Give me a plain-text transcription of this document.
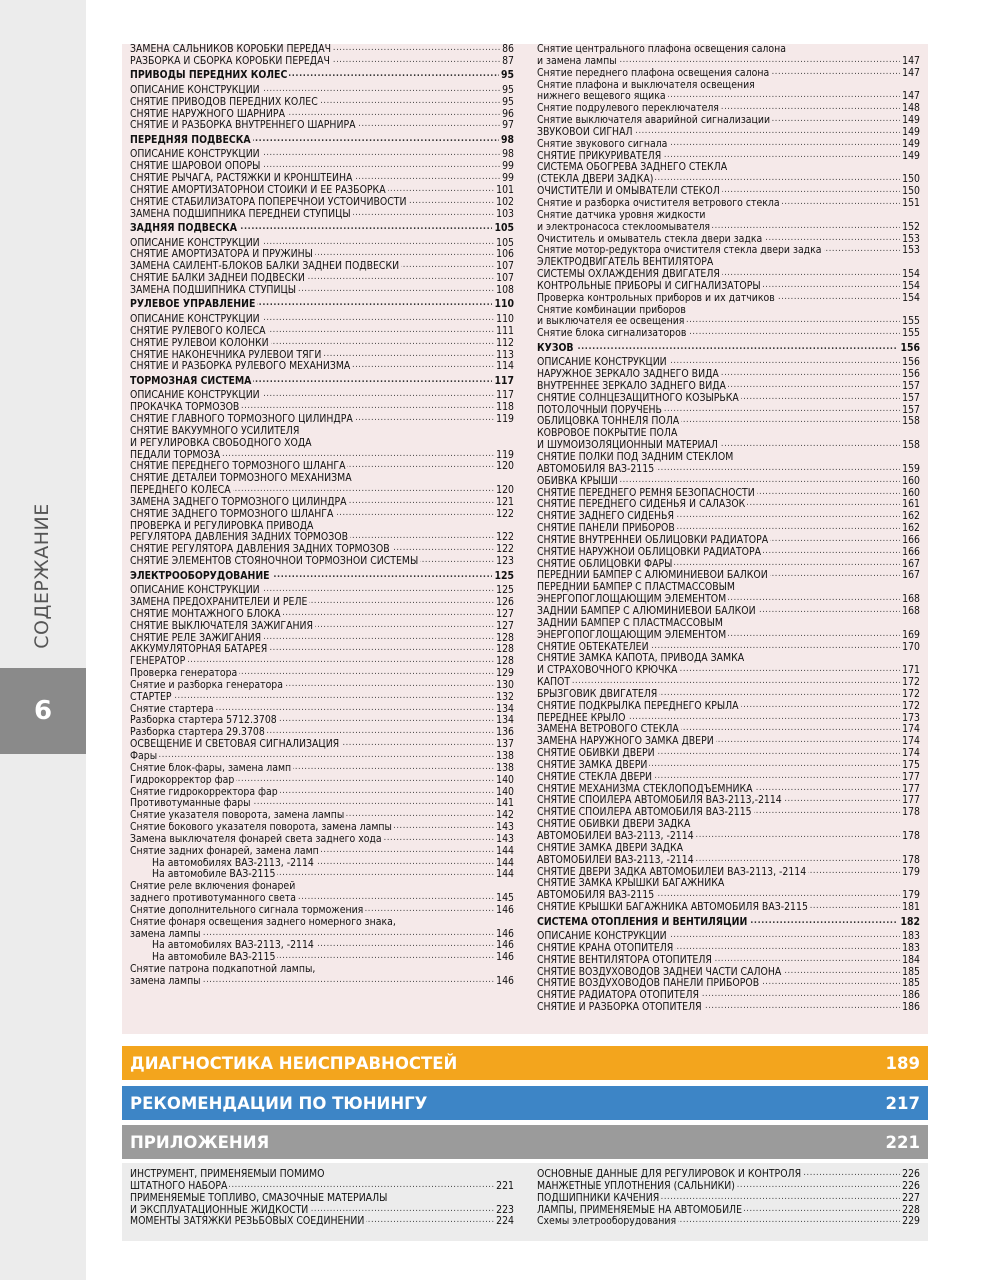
СОДЕРЖАНИЕ
6
.....
ЗАМЕНА САЛЬНИКОВ КОРОБКИ ПЕРЕДАЧ	86
.....
РАЗБОРКА И СБОРКА КОРОБКИ ПЕРЕДАЧ	87
.....
ПРИВОДЫ ПЕРЕДНИХ КОЛЕС	95
.....
ОПИСАНИЕ КОНСТРУКЦИИ	95
.....
СНЯТИЕ ПРИВОДОВ ПЕРЕДНИХ КОЛЕС	95
.....
СНЯТИЕ НАРУЖНОГО ШАРНИРА	96
.....
СНЯТИЕ И РАЗБОРКА ВНУТРЕННЕГО ШАРНИРА	97
.....
ПЕРЕДНЯЯ ПОДВЕСКА	98
.....
ОПИСАНИЕ КОНСТРУКЦИИ	98
.....
СНЯТИЕ ШАРОВОЙ ОПОРЫ	99
.....
СНЯТИЕ РЫЧАГА, РАСТЯЖКИ И КРОНШТЕЙНА	99
.....
СНЯТИЕ АМОРТИЗАТОРНОЙ СТОЙКИ И ЕЕ РАЗБОРКА	101
.....
СНЯТИЕ СТАБИЛИЗАТОРА ПОПЕРЕЧНОЙ УСТОЙЧИВОСТИ	102
.....
ЗАМЕНА ПОДШИПНИКА ПЕРЕДНЕЙ СТУПИЦЫ	103
.....
ЗАДНЯЯ ПОДВЕСКА	105
.....
ОПИСАНИЕ КОНСТРУКЦИИ	105
.....
СНЯТИЕ АМОРТИЗАТОРА И ПРУЖИНЫ	106
.....
ЗАМЕНА САЙЛЕНТ-БЛОКОВ БАЛКИ ЗАДНЕЙ ПОДВЕСКИ	107
.....
СНЯТИЕ БАЛКИ ЗАДНЕЙ ПОДВЕСКИ	107
.....
ЗАМЕНА ПОДШИПНИКА СТУПИЦЫ	108
.....
РУЛЕВОЕ УПРАВЛЕНИЕ	110
.....
ОПИСАНИЕ КОНСТРУКЦИИ	110
.....
СНЯТИЕ РУЛЕВОГО КОЛЕСА	111
.....
СНЯТИЕ РУЛЕВОЙ КОЛОНКИ	112
.....
СНЯТИЕ НАКОНЕЧНИКА РУЛЕВОЙ ТЯГИ	113
.....
СНЯТИЕ И РАЗБОРКА РУЛЕВОГО МЕХАНИЗМА	114
.....
ТОРМОЗНАЯ СИСТЕМА	117
.....
ОПИСАНИЕ КОНСТРУКЦИИ	117
.....
ПРОКАЧКА ТОРМОЗОВ	118
.....
СНЯТИЕ ГЛАВНОГО ТОРМОЗНОГО ЦИЛИНДРА	119
СНЯТИЕ ВАКУУМНОГО УСИЛИТЕЛЯ
И РЕГУЛИРОВКА СВОБОДНОГО ХОДА
.....
ПЕДАЛИ ТОРМОЗА	119
.....
СНЯТИЕ ПЕРЕДНЕГО ТОРМОЗНОГО ШЛАНГА	120
СНЯТИЕ ДЕТАЛЕЙ ТОРМОЗНОГО МЕХАНИЗМА
.....
ПЕРЕДНЕГО КОЛЕСА	120
.....
ЗАМЕНА ЗАДНЕГО ТОРМОЗНОГО ЦИЛИНДРА	121
.....
СНЯТИЕ ЗАДНЕГО ТОРМОЗНОГО ШЛАНГА	122
ПРОВЕРКА И РЕГУЛИРОВКА ПРИВОДА
.....
РЕГУЛЯТОРА ДАВЛЕНИЯ ЗАДНИХ ТОРМОЗОВ	122
.....
СНЯТИЕ РЕГУЛЯТОРА ДАВЛЕНИЯ ЗАДНИХ ТОРМОЗОВ	122
.....
СНЯТИЕ ЭЛЕМЕНТОВ СТОЯНОЧНОЙ ТОРМОЗНОЙ СИСТЕМЫ	123
.....
ЭЛЕКТРООБОРУДОВАНИЕ	125
.....
ОПИСАНИЕ КОНСТРУКЦИИ	125
.....
ЗАМЕНА ПРЕДОХРАНИТЕЛЕЙ И РЕЛЕ	126
.....
СНЯТИЕ МОНТАЖНОГО БЛОКА	127
.....
СНЯТИЕ ВЫКЛЮЧАТЕЛЯ ЗАЖИГАНИЯ	127
.....
СНЯТИЕ РЕЛЕ ЗАЖИГАНИЯ	128
.....
АККУМУЛЯТОРНАЯ БАТАРЕЯ	128
.....
ГЕНЕРАТОР	128
.....
Проверка генератора	129
.....
Снятие и разборка генератора	130
.....
СТАРТЕР	132
.....
Снятие стартера	134
.....
Разборка стартера 5712.3708	134
.....
Разборка стартера 29.3708	136
.....
ОСВЕЩЕНИЕ И СВЕТОВАЯ СИГНАЛИЗАЦИЯ	137
.....
Фары	138
.....
Снятие блок-фары, замена ламп	138
.....
Гидрокорректор фар	140
.....
Снятие гидрокорректора фар	140
.....
Противотуманные фары	141
.....
Снятие указателя поворота, замена лампы	142
.....
Снятие бокового указателя поворота, замена лампы	143
.....
Замена выключателя фонарей света заднего хода	143
.....
Снятие задних фонарей, замена ламп	144
.....
На автомобилях ВАЗ-2113, -2114	144
.....
На автомобиле ВАЗ-2115	144
Снятие реле включения фонарей
.....
заднего противотуманного света	145
.....
Снятие дополнительного сигнала торможения	146
Снятие фонаря освещения заднего номерного знака,
.....
замена лампы	146
.....
На автомобилях ВАЗ-2113, -2114	146
.....
На автомобиле ВАЗ-2115	146
Снятие патрона подкапотной лампы,
.....
замена лампы	146
Снятие центрального плафона освещения салона
.....
и замена лампы	147
.....
Снятие переднего плафона освещения салона	147
Снятие плафона и выключателя освещения
.....
нижнего вещевого ящика	147
.....
Снятие подрулевого переключателя	148
.....
Снятие выключателя аварийной сигнализации	149
.....
ЗВУКОВОЙ СИГНАЛ	149
.....
Снятие звукового сигнала	149
.....
СНЯТИЕ ПРИКУРИВАТЕЛЯ	149
СИСТЕМА ОБОГРЕВА ЗАДНЕГО СТЕКЛА
.....
(СТЕКЛА ДВЕРИ ЗАДКА)	150
.....
ОЧИСТИТЕЛИ И ОМЫВАТЕЛИ СТЕКОЛ	150
.....
Снятие и разборка очистителя ветрового стекла	151
Снятие датчика уровня жидкости
.....
и электронасоса стеклоомывателя	152
.....
Очиститель и омыватель стекла двери задка	153
.....
Снятие мотор-редуктора очистителя стекла двери задка	153
ЭЛЕКТРОДВИГАТЕЛЬ ВЕНТИЛЯТОРА
.....
СИСТЕМЫ ОХЛАЖДЕНИЯ ДВИГАТЕЛЯ	154
.....
КОНТРОЛЬНЫЕ ПРИБОРЫ И СИГНАЛИЗАТОРЫ	154
.....
Проверка контрольных приборов и их датчиков	154
Снятие комбинации приборов
.....
и выключателя ее освещения	155
.....
Снятие блока сигнализаторов	155
.....
КУЗОВ	156
.....
ОПИСАНИЕ КОНСТРУКЦИИ	156
.....
НАРУЖНОЕ ЗЕРКАЛО ЗАДНЕГО ВИДА	156
.....
ВНУТРЕННЕЕ ЗЕРКАЛО ЗАДНЕГО ВИДА	157
.....
СНЯТИЕ СОЛНЦЕЗАЩИТНОГО КОЗЫРЬКА	157
.....
ПОТОЛОЧНЫЙ ПОРУЧЕНЬ	157
.....
ОБЛИЦОВКА ТОННЕЛЯ ПОЛА	158
КОВРОВОЕ ПОКРЫТИЕ ПОЛА
.....
И ШУМОИЗОЛЯЦИОННЫЙ МАТЕРИАЛ	158
СНЯТИЕ ПОЛКИ ПОД ЗАДНИМ СТЕКЛОМ
.....
АВТОМОБИЛЯ ВАЗ-2115	159
.....
ОБИВКА КРЫШИ	160
.....
СНЯТИЕ ПЕРЕДНЕГО РЕМНЯ БЕЗОПАСНОСТИ	160
.....
СНЯТИЕ ПЕРЕДНЕГО СИДЕНЬЯ И САЛАЗОК	161
.....
СНЯТИЕ ЗАДНЕГО СИДЕНЬЯ	162
.....
СНЯТИЕ ПАНЕЛИ ПРИБОРОВ	162
.....
СНЯТИЕ ВНУТРЕННЕЙ ОБЛИЦОВКИ РАДИАТОРА	166
.....
СНЯТИЕ НАРУЖНОЙ ОБЛИЦОВКИ РАДИАТОРА	166
.....
СНЯТИЕ ОБЛИЦОВКИ ФАРЫ	167
.....
ПЕРЕДНИЙ БАМПЕР С АЛЮМИНИЕВОЙ БАЛКОЙ	167
ПЕРЕДНИЙ БАМПЕР С ПЛАСТМАССОВЫМ
.....
ЭНЕРГОПОГЛОЩАЮЩИМ ЭЛЕМЕНТОМ	168
.....
ЗАДНИЙ БАМПЕР С АЛЮМИНИЕВОЙ БАЛКОЙ	168
ЗАДНИЙ БАМПЕР С ПЛАСТМАССОВЫМ
.....
ЭНЕРГОПОГЛОЩАЮЩИМ ЭЛЕМЕНТОМ	169
.....
СНЯТИЕ ОБТЕКАТЕЛЕЙ	170
СНЯТИЕ ЗАМКА КАПОТА, ПРИВОДА ЗАМКА
.....
И СТРАХОВОЧНОГО КРЮЧКА	171
.....
КАПОТ	172
.....
БРЫЗГОВИК ДВИГАТЕЛЯ	172
.....
СНЯТИЕ ПОДКРЫЛКА ПЕРЕДНЕГО КРЫЛА	172
.....
ПЕРЕДНЕЕ КРЫЛО	173
.....
ЗАМЕНА ВЕТРОВОГО СТЕКЛА	174
.....
ЗАМЕНА НАРУЖНОГО ЗАМКА ДВЕРИ	174
.....
СНЯТИЕ ОБИВКИ ДВЕРИ	174
.....
СНЯТИЕ ЗАМКА ДВЕРИ	175
.....
СНЯТИЕ СТЕКЛА ДВЕРИ	177
.....
СНЯТИЕ МЕХАНИЗМА СТЕКЛОПОДЪЕМНИКА	177
.....
СНЯТИЕ СПОЙЛЕРА АВТОМОБИЛЯ ВАЗ-2113,-2114	177
.....
СНЯТИЕ СПОЙЛЕРА АВТОМОБИЛЯ ВАЗ-2115	178
СНЯТИЕ ОБИВКИ ДВЕРИ ЗАДКА
.....
АВТОМОБИЛЕЙ ВАЗ-2113, -2114	178
СНЯТИЕ ЗАМКА ДВЕРИ ЗАДКА
.....
АВТОМОБИЛЕЙ ВАЗ-2113, -2114	178
.....
СНЯТИЕ ДВЕРИ ЗАДКА АВТОМОБИЛЕЙ ВАЗ-2113, -2114	179
СНЯТИЕ ЗАМКА КРЫШКИ БАГАЖНИКА
.....
АВТОМОБИЛЯ ВАЗ-2115	179
.....
СНЯТИЕ КРЫШКИ БАГАЖНИКА АВТОМОБИЛЯ ВАЗ-2115	181
.....
СИСТЕМА ОТОПЛЕНИЯ И ВЕНТИЛЯЦИИ	182
.....
ОПИСАНИЕ КОНСТРУКЦИИ	183
.....
СНЯТИЕ КРАНА ОТОПИТЕЛЯ	183
.....
СНЯТИЕ ВЕНТИЛЯТОРА ОТОПИТЕЛЯ	184
.....
СНЯТИЕ ВОЗДУХОВОДОВ ЗАДНЕЙ ЧАСТИ САЛОНА	185
.....
СНЯТИЕ ВОЗДУХОВОДОВ ПАНЕЛИ ПРИБОРОВ	185
.....
СНЯТИЕ РАДИАТОРА ОТОПИТЕЛЯ	186
.....
СНЯТИЕ И РАЗБОРКА ОТОПИТЕЛЯ	186
ДИАГНОСТИКА НЕИСПРАВНОСТЕЙ	189
РЕКОМЕНДАЦИИ ПО ТЮНИНГУ	217
ПРИЛОЖЕНИЯ	221
ИНСТРУМЕНТ, ПРИМЕНЯЕМЫЙ ПОМИМО
.....
ШТАТНОГО НАБОРА	221
ПРИМЕНЯЕМЫЕ ТОПЛИВО, СМАЗОЧНЫЕ МАТЕРИАЛЫ
.....
И ЭКСПЛУАТАЦИОННЫЕ ЖИДКОСТИ	223
.....
МОМЕНТЫ ЗАТЯЖКИ РЕЗЬБОВЫХ СОЕДИНЕНИЙ	224
.....
ОСНОВНЫЕ ДАННЫЕ ДЛЯ РЕГУЛИРОВОК И КОНТРОЛЯ	226
.....
МАНЖЕТНЫЕ УПЛОТНЕНИЯ (САЛЬНИКИ)	226
.....
ПОДШИПНИКИ КАЧЕНИЯ	227
.....
ЛАМПЫ, ПРИМЕНЯЕМЫЕ НА АВТОМОБИЛЕ	228
.....
Схемы элетрооборудования	229
